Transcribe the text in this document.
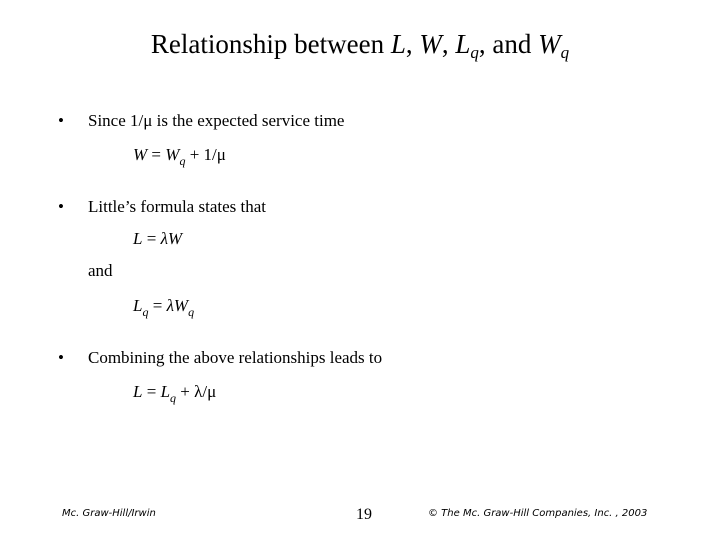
Relationship between L, W, $L_q$, and $W_q$
• Since 1/μ is the expected service time
$W = W_q + 1/\mu$
• Little’s formula states that
L = λW
and
$L_q = \lambda W_q$
• Combining the above relationships leads to
$L = L_q + \lambda/\mu$
Mc. Graw-Hill/Irwin	19	© The Mc. Graw-Hill Companies, Inc. , 2003
